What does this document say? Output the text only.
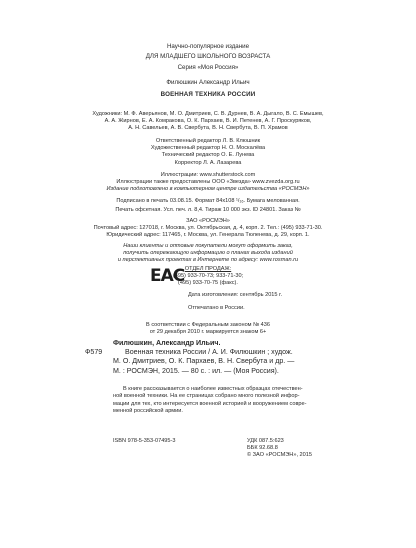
Научно-популярное издание
ДЛЯ МЛАДШЕГО ШКОЛЬНОГО ВОЗРАСТА
Серия «Моя Россия»
Филюшкин Александр Ильич
ВОЕННАЯ ТЕХНИКА РОССИИ
Художники: М. Ф. Аверьянов, М. О. Дмитриев, С. В. Дурнев, В. А. Дыгало, В. С. Емышев,
А. А. Жирнов, Е. А. Комракова, О. К. Пархаев, В. И. Петенев, А. Г. Проскуряков,
А. Н. Савельев, А. В. Свербута, В. Н. Свербута, В. П. Храмов
Ответственный редактор Л. В. Клюшник
Художественный редактор Н. О. Москалёва
Технический редактор О. Е. Лунева
Корректор Л. А. Лазарева
Иллюстрации: www.shutterstock.com
Иллюстрации также предоставлены ООО «Звезда» www.zvezda.org.ru
Издание подготовлено в компьютерном центре издательства «РОСМЭН»
Подписано в печать 03.08.15. Формат 84х108 ¹/₁₆. Бумага мелованная.
Печать офсетная. Усл. печ. л. 8,4. Тираж 10 000 экз. ID 24801. Заказ №
ЗАО «РОСМЭН»
Почтовый адрес: 127018, г. Москва, ул. Октябрьская, д. 4, корп. 2. Тел.: (495) 933-71-30.
Юридический адрес: 117465, г. Москва, ул. Генерала Тюленева, д. 29, корп. 1.
Наши клиенты и оптовые покупатели могут оформить заказ,
получить опережающую информацию о планах выхода изданий
и перспективных проектах в Интернете по адресу: www.rosman.ru
ОТДЕЛ ПРОДАЖ:
(495) 933-70-73; 933-71-30;
(495) 933-70-75 (факс).
EAC
Дата изготовления: сентябрь 2015 г.
Отпечатано в России.
В соответствии с Федеральным законом № 436
от 29 декабря 2010 г. маркируется знаком 6+
Филюшкин, Александр Ильич.
Ф579	Военная техника России / А. И. Филюшкин ; худож.
М. О. Дмитриев, О. К. Пархаев, В. Н. Свербута и др. —
М. : РОСМЭН, 2015. — 80 с. : ил. — (Моя Россия).
В книге рассказывается о наиболее известных образцах отечествен-
ной военной техники. На ее страницах собрано много полезной инфор-
мации для тех, кто интересуется военной историей и вооружением совре-
менной российской армии.
ISBN 978-5-353-07495-3	УДК 087.5:623
ББК 92.68.8
© ЗАО «РОСМЭН», 2015
